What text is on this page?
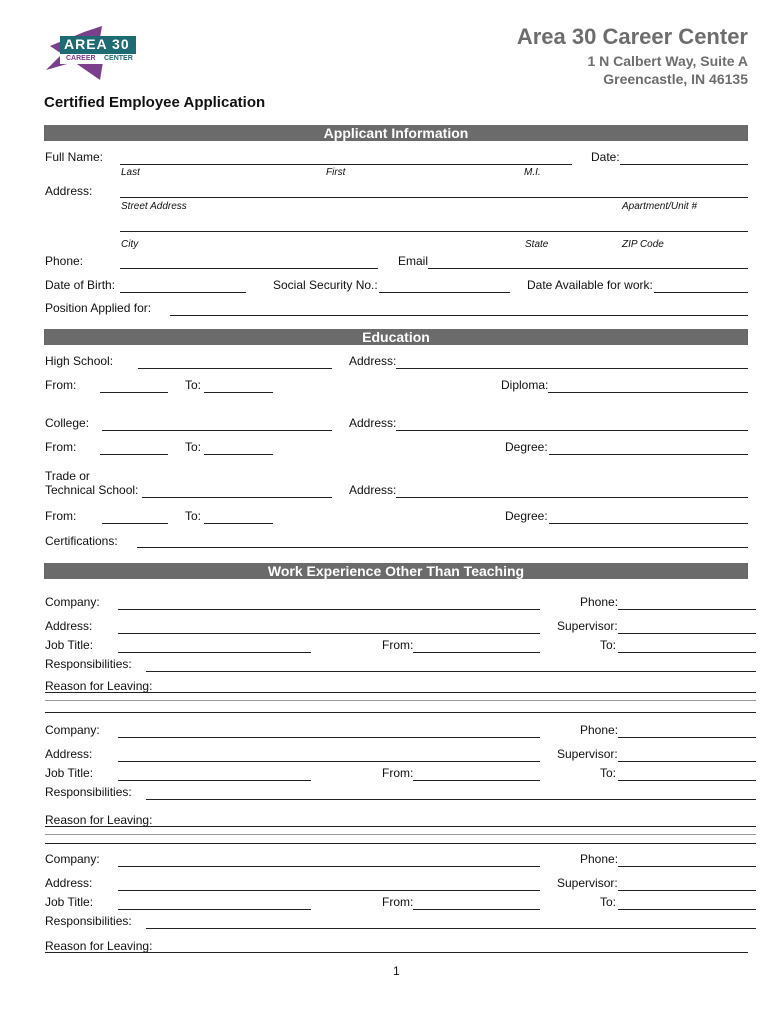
AREA 30
CAREER CENTER
Area 30 Career Center
1 N Calbert Way, Suite A
Greencastle, IN 46135
Certified Employee Application
Applicant Information
Full Name:	Date:
Last	First	M.I.
Address:
Street Address	Apartment/Unit #
City	State	ZIP Code
Phone:	Email
Date of Birth:	Social Security No.:	Date Available for work:
Position Applied for:
Education
High School:	Address:
From:	To:	Diploma:
College:	Address:
From:	To:	Degree:
Trade or
Technical School:	Address:
From:	To:	Degree:
Certifications:
Work Experience Other Than Teaching
Company:	Phone:
Address:	Supervisor:
Job Title:	From:	To:
Responsibilities:
Reason for Leaving:
Company:	Phone:
Address:	Supervisor:
Job Title:	From:	To:
Responsibilities:
Reason for Leaving:
Company:	Phone:
Address:	Supervisor:
Job Title:	From:	To:
Responsibilities:
Reason for Leaving:
1
